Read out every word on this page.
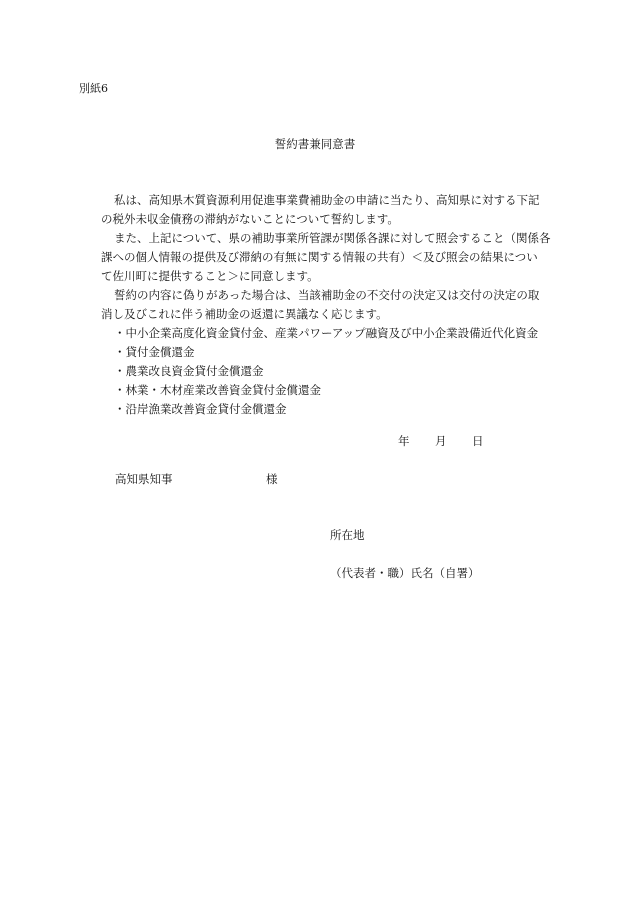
別紙6
誓約書兼同意書
私は、高知県木質資源利用促進事業費補助金の申請に当たり、高知県に対する下記
の税外未収金債務の滞納がないことについて誓約します。
また、上記について、県の補助事業所管課が関係各課に対して照会すること（関係各
課への個人情報の提供及び滞納の有無に関する情報の共有）＜及び照会の結果につい
て佐川町に提供すること＞に同意します。
誓約の内容に偽りがあった場合は、当該補助金の不交付の決定又は交付の決定の取
消し及びこれに伴う補助金の返還に異議なく応じます。
・中小企業高度化資金貸付金、産業パワーアップ融資及び中小企業設備近代化資金
・貸付金償還金
・農業改良資金貸付金償還金
・林業・木材産業改善資金貸付金償還金
・沿岸漁業改善資金貸付金償還金
年 月 日
高知県知事	様
所在地
（代表者・職）氏名（自署）
